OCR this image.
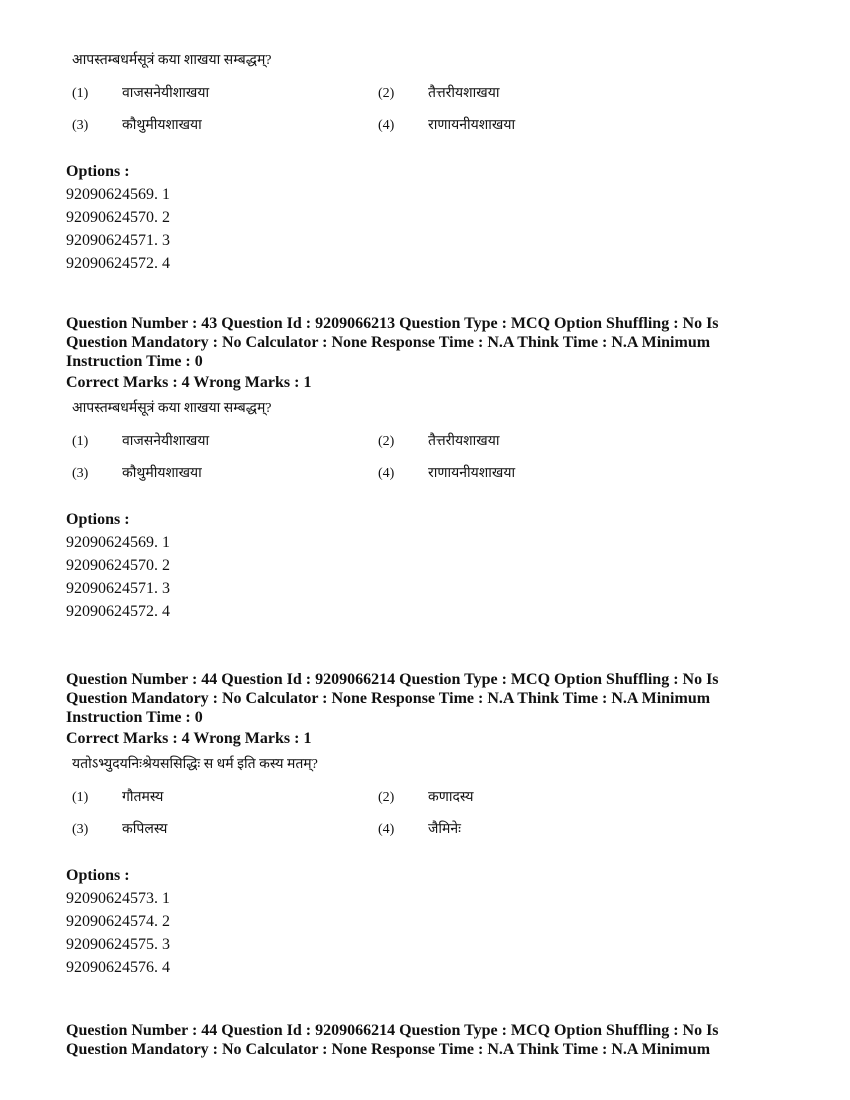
आपस्तम्बधर्मसूत्रं कया शाखया सम्बद्धम्?
(1)	वाजसनेयीशाखया	(2)	तैत्तरीयशाखया
(3)	कौथुमीयशाखया	(4)	राणायनीयशाखया
Options :
92090624569. 1
92090624570. 2
92090624571. 3
92090624572. 4
Question Number : 43 Question Id : 9209066213 Question Type : MCQ Option Shuffling : No Is
Question Mandatory : No Calculator : None Response Time : N.A Think Time : N.A Minimum
Instruction Time : 0
Correct Marks : 4 Wrong Marks : 1
आपस्तम्बधर्मसूत्रं कया शाखया सम्बद्धम्?
(1)	वाजसनेयीशाखया	(2)	तैत्तरीयशाखया
(3)	कौथुमीयशाखया	(4)	राणायनीयशाखया
Options :
92090624569. 1
92090624570. 2
92090624571. 3
92090624572. 4
Question Number : 44 Question Id : 9209066214 Question Type : MCQ Option Shuffling : No Is
Question Mandatory : No Calculator : None Response Time : N.A Think Time : N.A Minimum
Instruction Time : 0
Correct Marks : 4 Wrong Marks : 1
यतोऽभ्युदयनिःश्रेयससिद्धिः स धर्म इति कस्य मतम्?
(1)	गौतमस्य	(2)	कणादस्य
(3)	कपिलस्य	(4)	जैमिनेः
Options :
92090624573. 1
92090624574. 2
92090624575. 3
92090624576. 4
Question Number : 44 Question Id : 9209066214 Question Type : MCQ Option Shuffling : No Is
Question Mandatory : No Calculator : None Response Time : N.A Think Time : N.A Minimum
